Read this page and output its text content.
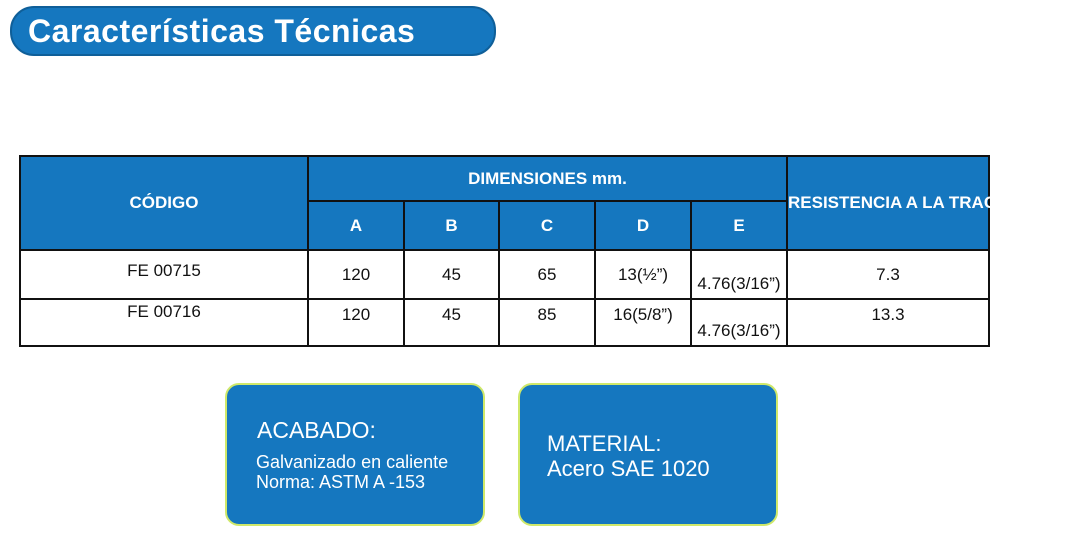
Características Técnicas
CÓDIGO	DIMENSIONES mm.					RESISTENCIA A LA TRACCIÓN (KN)
	A	B	C	D	E	
FE 00715	120	45	65	13(½”)	4.76(3/16”)	7.3
FE 00716	120	45	85	16(5/8”)	4.76(3/16”)	13.3
ACABADO:
Galvanizado en caliente
Norma: ASTM A -153
MATERIAL:
Acero SAE 1020
